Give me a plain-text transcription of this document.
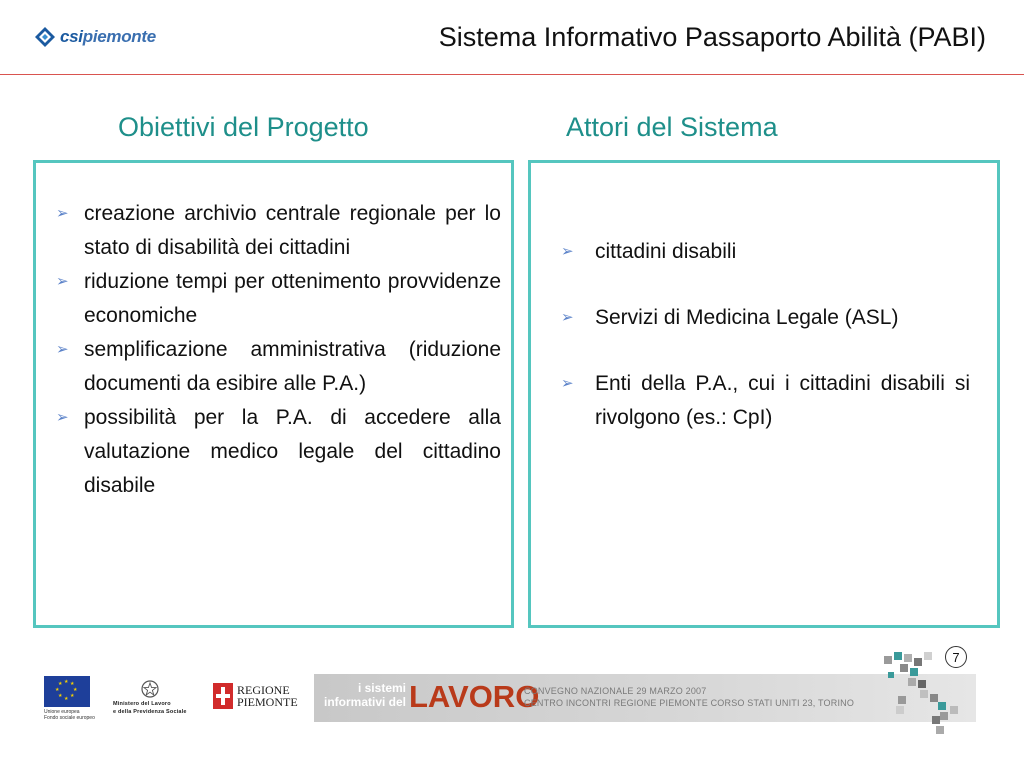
csipiemonte	Sistema Informativo Passaporto Abilità (PABI)
Obiettivi del Progetto	Attori del Sistema
➢ creazione archivio centrale regionale per lo stato di disabilità dei cittadini
➢ riduzione tempi per ottenimento provvidenze economiche
➢ semplificazione amministrativa (riduzione documenti da esibire alle P.A.)
➢ possibilità per la P.A. di accedere alla valutazione medico legale del cittadino disabile
➢ cittadini disabili
➢ Servizi di Medicina Legale (ASL)
➢ Enti della P.A., cui i cittadini disabili si rivolgono (es.: CpI)
7
★ ★
★
★
★
★
★
★
Unione europea
Fondo sociale europeo
Ministero del Lavoro
e della Previdenza Sociale
REGIONE
PIEMONTE
i sistemi
informativi del LAVORO
CONVEGNO NAZIONALE 29 MARZO 2007
CENTRO INCONTRI REGIONE PIEMONTE CORSO STATI UNITI 23, TORINO
